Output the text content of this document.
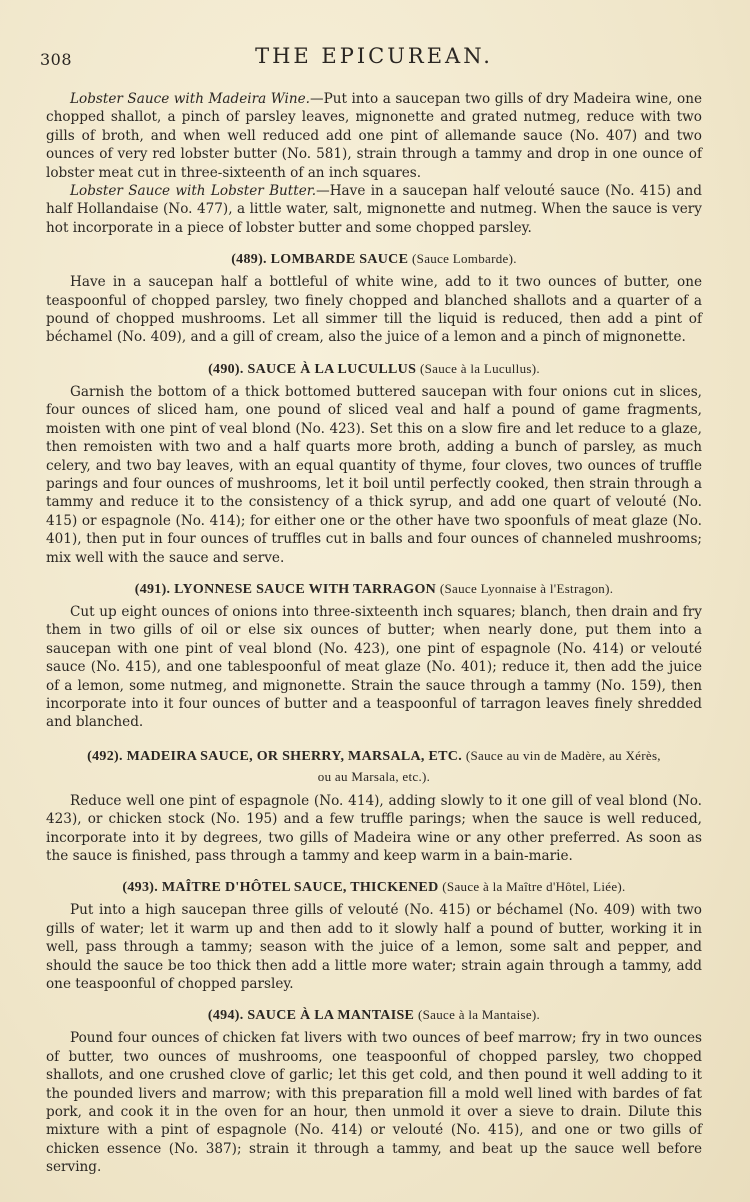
308	THE EPICUREAN.

Lobster Sauce with Madeira Wine.—Put into a saucepan two gills of dry Madeira wine, one chopped shallot, a pinch of parsley leaves, mignonette and grated nutmeg, reduce with two gills of broth, and when well reduced add one pint of allemande sauce (No. 407) and two ounces of very red lobster butter (No. 581), strain through a tammy and drop in one ounce of lobster meat cut in three-sixteenth of an inch squares.

Lobster Sauce with Lobster Butter.—Have in a saucepan half velouté sauce (No. 415) and half Hollandaise (No. 477), a little water, salt, mignonette and nutmeg. When the sauce is very hot incorporate in a piece of lobster butter and some chopped parsley.

(489). LOMBARDE SAUCE (Sauce Lombarde).

Have in a saucepan half a bottleful of white wine, add to it two ounces of butter, one teaspoonful of chopped parsley, two finely chopped and blanched shallots and a quarter of a pound of chopped mushrooms. Let all simmer till the liquid is reduced, then add a pint of béchamel (No. 409), and a gill of cream, also the juice of a lemon and a pinch of mignonette.

(490). SAUCE À LA LUCULLUS (Sauce à la Lucullus).

Garnish the bottom of a thick bottomed buttered saucepan with four onions cut in slices, four ounces of sliced ham, one pound of sliced veal and half a pound of game fragments, moisten with one pint of veal blond (No. 423). Set this on a slow fire and let reduce to a glaze, then remoisten with two and a half quarts more broth, adding a bunch of parsley, as much celery, and two bay leaves, with an equal quantity of thyme, four cloves, two ounces of truffle parings and four ounces of mushrooms, let it boil until perfectly cooked, then strain through a tammy and reduce it to the consistency of a thick syrup, and add one quart of velouté (No. 415) or espagnole (No. 414); for either one or the other have two spoonfuls of meat glaze (No. 401), then put in four ounces of truffles cut in balls and four ounces of channeled mushrooms; mix well with the sauce and serve.

(491). LYONNESE SAUCE WITH TARRAGON (Sauce Lyonnaise à l'Estragon).

Cut up eight ounces of onions into three-sixteenth inch squares; blanch, then drain and fry them in two gills of oil or else six ounces of butter; when nearly done, put them into a saucepan with one pint of veal blond (No. 423), one pint of espagnole (No. 414) or velouté sauce (No. 415), and one tablespoonful of meat glaze (No. 401); reduce it, then add the juice of a lemon, some nutmeg, and mignonette. Strain the sauce through a tammy (No. 159), then incorporate into it four ounces of butter and a teaspoonful of tarragon leaves finely shredded and blanched.

(492). MADEIRA SAUCE, OR SHERRY, MARSALA, ETC. (Sauce au vin de Madère, au Xérès,
ou au Marsala, etc.).

Reduce well one pint of espagnole (No. 414), adding slowly to it one gill of veal blond (No. 423), or chicken stock (No. 195) and a few truffle parings; when the sauce is well reduced, incorporate into it by degrees, two gills of Madeira wine or any other preferred. As soon as the sauce is finished, pass through a tammy and keep warm in a bain-marie.

(493). MAÎTRE D'HÔTEL SAUCE, THICKENED (Sauce à la Maître d'Hôtel, Liée).

Put into a high saucepan three gills of velouté (No. 415) or béchamel (No. 409) with two gills of water; let it warm up and then add to it slowly half a pound of butter, working it in well, pass through a tammy; season with the juice of a lemon, some salt and pepper, and should the sauce be too thick then add a little more water; strain again through a tammy, add one teaspoonful of chopped parsley.

(494). SAUCE À LA MANTAISE (Sauce à la Mantaise).

Pound four ounces of chicken fat livers with two ounces of beef marrow; fry in two ounces of butter, two ounces of mushrooms, one teaspoonful of chopped parsley, two chopped shallots, and one crushed clove of garlic; let this get cold, and then pound it well adding to it the pounded livers and marrow; with this preparation fill a mold well lined with bardes of fat pork, and cook it in the oven for an hour, then unmold it over a sieve to drain. Dilute this mixture with a pint of espagnole (No. 414) or velouté (No. 415), and one or two gills of chicken essence (No. 387); strain it through a tammy, and beat up the sauce well before serving.
